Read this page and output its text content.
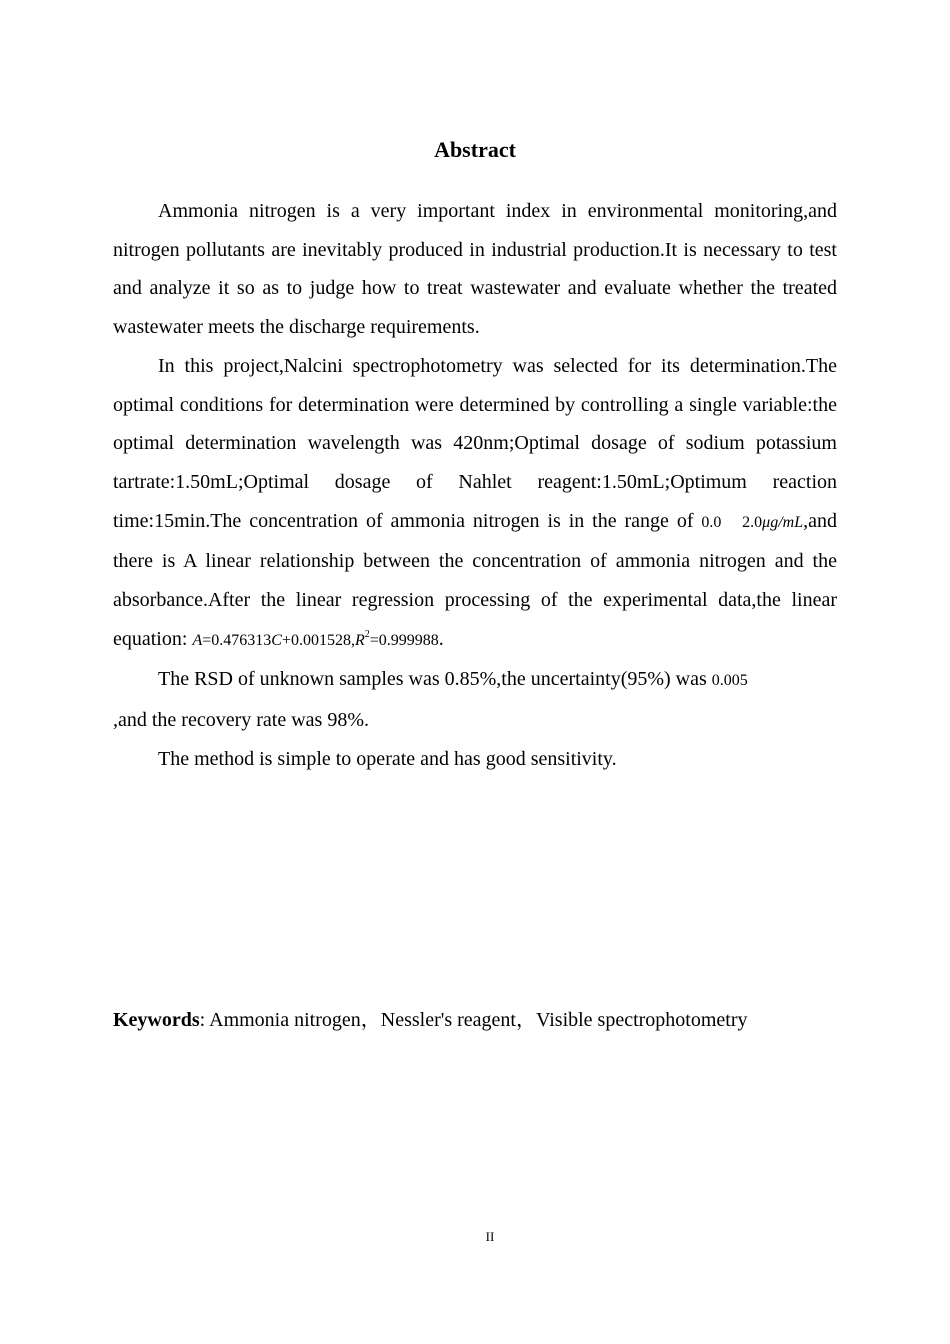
Abstract

Ammonia nitrogen is a very important index in environmental monitoring,and nitrogen pollutants are inevitably produced in industrial production.It is necessary to test and analyze it so as to judge how to treat wastewater and evaluate whether the treated wastewater meets the discharge requirements.

In this project,Nalcini spectrophotometry was selected for its determination.The optimal conditions for determination were determined by controlling a single variable:the optimal determination wavelength was 420nm;Optimal dosage of sodium potassium tartrate:1.50mL;Optimal dosage of Nahlet reagent:1.50mL;Optimum reaction time:15min.The concentration of ammonia nitrogen is in the range of 0.0 2.0μg/mL,and there is A linear relationship between the concentration of ammonia nitrogen and the absorbance.After the linear regression processing of the experimental data,the linear equation: $A=0.476313C+0.001528,R^2=0.999988$.

The RSD of unknown samples was 0.85%,the uncertainty(95%) was 0.005
,and the recovery rate was 98%.

The method is simple to operate and has good sensitivity.

Keywords: Ammonia nitrogen，Nessler's reagent，Visible spectrophotometry
II
